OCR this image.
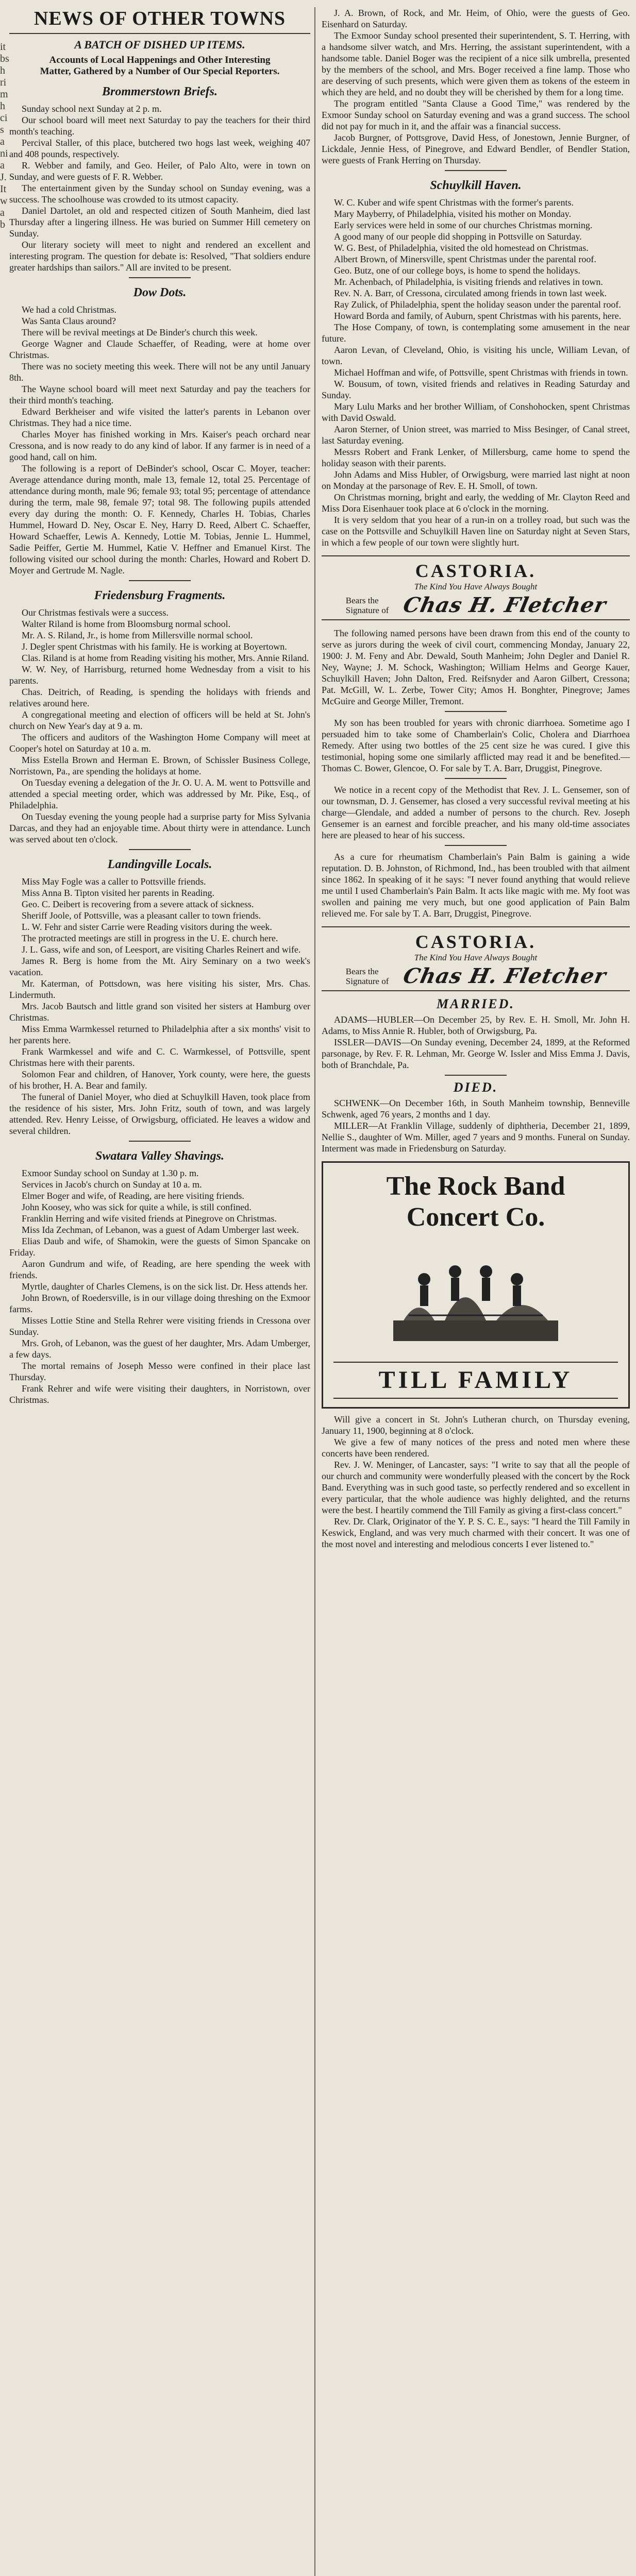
it
bs
h
ri
m
h
ci
s
a
ni
a
J.
It
w
a
b
NEWS OF OTHER TOWNS
A BATCH OF DISHED UP ITEMS.
Accounts of Local Happenings and Other Interesting Matter, Gathered by a Number of Our Special Reporters.
Brommerstown Briefs.

Sunday school next Sunday at 2 p. m.

Our school board will meet next Saturday to pay the teachers for their third month's teaching.

Percival Staller, of this place, butchered two hogs last week, weighing 407 and 408 pounds, respectively.

R. Webber and family, and Geo. Heiler, of Palo Alto, were in town on Sunday, and were guests of F. R. Webber.

The entertainment given by the Sunday school on Sunday evening, was a success. The schoolhouse was crowded to its utmost capacity.

Daniel Dartolet, an old and respected citizen of South Manheim, died last Thursday after a lingering illness. He was buried on Summer Hill cemetery on Sunday.

Our literary society will meet to night and rendered an excellent and interesting program. The question for debate is: Resolved, "That soldiers endure greater hardships than sailors." All are invited to be present.

Dow Dots.

We had a cold Christmas.

Was Santa Claus around?

There will be revival meetings at De Binder's church this week.

George Wagner and Claude Schaeffer, of Reading, were at home over Christmas.

There was no society meeting this week. There will not be any until January 8th.

The Wayne school board will meet next Saturday and pay the teachers for their third month's teaching.

Edward Berkheiser and wife visited the latter's parents in Lebanon over Christmas. They had a nice time.

Charles Moyer has finished working in Mrs. Kaiser's peach orchard near Cressona, and is now ready to do any kind of labor. If any farmer is in need of a good hand, call on him.

The following is a report of DeBinder's school, Oscar C. Moyer, teacher: Average attendance during month, male 13, female 12, total 25. Percentage of attendance during month, male 96; female 93; total 95; percentage of attendance during the term, male 98, female 97; total 98. The following pupils attended every day during the month: O. F. Kennedy, Charles H. Tobias, Charles Hummel, Howard D. Ney, Oscar E. Ney, Harry D. Reed, Albert C. Schaeffer, Howard Schaeffer, Lewis A. Kennedy, Lottie M. Tobias, Jennie L. Hummel, Sadie Peiffer, Gertie M. Hummel, Katie V. Heffner and Emanuel Kirst. The following visited our school during the month: Charles, Howard and Robert D. Moyer and Gertrude M. Nagle.

Friedensburg Fragments.

Our Christmas festivals were a success.

Walter Riland is home from Bloomsburg normal school.

Mr. A. S. Riland, Jr., is home from Millersville normal school.

J. Degler spent Christmas with his family. He is working at Boyertown.

Clas. Riland is at home from Reading visiting his mother, Mrs. Annie Riland.

W. W. Ney, of Harrisburg, returned home Wednesday from a visit to his parents.

Chas. Deitrich, of Reading, is spending the holidays with friends and relatives around here.

A congregational meeting and election of officers will be held at St. John's church on New Year's day at 9 a. m.

The officers and auditors of the Washington Home Company will meet at Cooper's hotel on Saturday at 10 a. m.

Miss Estella Brown and Herman E. Brown, of Schissler Business College, Norristown, Pa., are spending the holidays at home.

On Tuesday evening a delegation of the Jr. O. U. A. M. went to Pottsville and attended a special meeting order, which was addressed by Mr. Pike, Esq., of Philadelphia.

On Tuesday evening the young people had a surprise party for Miss Sylvania Darcas, and they had an enjoyable time. About thirty were in attendance. Lunch was served about ten o'clock.

Landingville Locals.

Miss May Fogle was a caller to Pottsville friends.

Miss Anna B. Tipton visited her parents in Reading.

Geo. C. Deibert is recovering from a severe attack of sickness.

Sheriff Joole, of Pottsville, was a pleasant caller to town friends.

L. W. Fehr and sister Carrie were Reading visitors during the week.

The protracted meetings are still in progress in the U. E. church here.

J. L. Gass, wife and son, of Leesport, are visiting Charles Reinert and wife.

James R. Berg is home from the Mt. Airy Seminary on a two week's vacation.

Mr. Katerman, of Pottsdown, was here visiting his sister, Mrs. Chas. Lindermuth.

Mrs. Jacob Bautsch and little grand son visited her sisters at Hamburg over Christmas.

Miss Emma Warmkessel returned to Philadelphia after a six months' visit to her parents here.

Frank Warmkessel and wife and C. C. Warmkessel, of Pottsville, spent Christmas here with their parents.

Solomon Fear and children, of Hanover, York county, were here, the guests of his brother, H. A. Bear and family.

The funeral of Daniel Moyer, who died at Schuylkill Haven, took place from the residence of his sister, Mrs. John Fritz, south of town, and was largely attended. Rev. Henry Leisse, of Orwigsburg, officiated. He leaves a widow and several children.

Swatara Valley Shavings.

Exmoor Sunday school on Sunday at 1.30 p. m.

Services in Jacob's church on Sunday at 10 a. m.

Elmer Boger and wife, of Reading, are here visiting friends.

John Koosey, who was sick for quite a while, is still confined.

Franklin Herring and wife visited friends at Pinegrove on Christmas.

Miss Ida Zechman, of Lebanon, was a guest of Adam Umberger last week.

Elias Daub and wife, of Shamokin, were the guests of Simon Spancake on Friday.

Aaron Gundrum and wife, of Reading, are here spending the week with friends.

Myrtle, daughter of Charles Clemens, is on the sick list. Dr. Hess attends her.

John Brown, of Roedersville, is in our village doing threshing on the Exmoor farms.

Misses Lottie Stine and Stella Rehrer were visiting friends in Cressona over Sunday.

Mrs. Groh, of Lebanon, was the guest of her daughter, Mrs. Adam Umberger, a few days.

The mortal remains of Joseph Messo were confined in their place last Thursday.

Frank Rehrer and wife were visiting their daughters, in Norristown, over Christmas.

J. A. Brown, of Rock, and Mr. Heim, of Ohio, were the guests of Geo. Eisenhard on Saturday.

The Exmoor Sunday school presented their superintendent, S. T. Herring, with a handsome silver watch, and Mrs. Herring, the assistant superintendent, with a handsome table. Daniel Boger was the recipient of a nice silk umbrella, presented by the members of the school, and Mrs. Boger received a fine lamp. Those who are deserving of such presents, which were given them as tokens of the esteem in which they are held, and no doubt they will be cherished by them for a long time.

The program entitled "Santa Clause a Good Time," was rendered by the Exmoor Sunday school on Saturday evening and was a grand success. The school did not pay for much in it, and the affair was a financial success.

Jacob Burgner, of Pottsgrove, David Hess, of Jonestown, Jennie Burgner, of Lickdale, Jennie Hess, of Pinegrove, and Edward Bendler, of Bendler Station, were guests of Frank Herring on Thursday.

Schuylkill Haven.

W. C. Kuber and wife spent Christmas with the former's parents.

Mary Mayberry, of Philadelphia, visited his mother on Monday.

Early services were held in some of our churches Christmas morning.

A good many of our people did shopping in Pottsville on Saturday.

W. G. Best, of Philadelphia, visited the old homestead on Christmas.

Albert Brown, of Minersville, spent Christmas under the parental roof.

Geo. Butz, one of our college boys, is home to spend the holidays.

Mr. Achenbach, of Philadelphia, is visiting friends and relatives in town.

Rev. N. A. Barr, of Cressona, circulated among friends in town last week.

Ray Zulick, of Philadelphia, spent the holiday season under the parental roof.

Howard Borda and family, of Auburn, spent Christmas with his parents, here.

The Hose Company, of town, is contemplating some amusement in the near future.

Aaron Levan, of Cleveland, Ohio, is visiting his uncle, William Levan, of town.

Michael Hoffman and wife, of Pottsville, spent Christmas with friends in town.

W. Bousum, of town, visited friends and relatives in Reading Saturday and Sunday.

Mary Lulu Marks and her brother William, of Conshohocken, spent Christmas with David Oswald.

Aaron Sterner, of Union street, was married to Miss Besinger, of Canal street, last Saturday evening.

Messrs Robert and Frank Lenker, of Millersburg, came home to spend the holiday season with their parents.

John Adams and Miss Hubler, of Orwigsburg, were married last night at noon on Monday at the parsonage of Rev. E. H. Smoll, of town.

On Christmas morning, bright and early, the wedding of Mr. Clayton Reed and Miss Dora Eisenhauer took place at 6 o'clock in the morning.

It is very seldom that you hear of a run-in on a trolley road, but such was the case on the Pottsville and Schuylkill Haven line on Saturday night at Seven Stars, in which a few people of our town were slightly hurt.

CASTORIA.
The Kind You Have Always Bought
Bears the Signature of Chas H. Fletcher

The following named persons have been drawn from this end of the county to serve as jurors during the week of civil court, commencing Monday, January 22, 1900: J. M. Feny and Abr. Dewald, South Manheim; John Degler and Daniel R. Ney, Wayne; J. M. Schock, Washington; William Helms and George Kauer, Schuylkill Haven; John Dalton, Fred. Reifsnyder and Aaron Gilbert, Cressona; Pat. McGill, W. L. Zerbe, Tower City; Amos H. Bonghter, Pinegrove; James McGuire and George Miller, Tremont.

My son has been troubled for years with chronic diarrhoea. Sometime ago I persuaded him to take some of Chamberlain's Colic, Cholera and Diarrhoea Remedy. After using two bottles of the 25 cent size he was cured. I give this testimonial, hoping some one similarly afflicted may read it and be benefited.—Thomas C. Bower, Glencoe, O. For sale by T. A. Barr, Druggist, Pinegrove.

We notice in a recent copy of the Methodist that Rev. J. L. Gensemer, son of our townsman, D. J. Gensemer, has closed a very successful revival meeting at his charge—Glendale, and added a number of persons to the church. Rev. Joseph Gensemer is an earnest and forcible preacher, and his many old-time associates here are pleased to hear of his success.

As a cure for rheumatism Chamberlain's Pain Balm is gaining a wide reputation. D. B. Johnston, of Richmond, Ind., has been troubled with that ailment since 1862. In speaking of it he says: "I never found anything that would relieve me until I used Chamberlain's Pain Balm. It acts like magic with me. My foot was swollen and paining me very much, but one good application of Pain Balm relieved me. For sale by T. A. Barr, Druggist, Pinegrove.

CASTORIA.
The Kind You Have Always Bought
Bears the Signature of Chas H. Fletcher
MARRIED.

ADAMS—HUBLER—On December 25, by Rev. E. H. Smoll, Mr. John H. Adams, to Miss Annie R. Hubler, both of Orwigsburg, Pa.

ISSLER—DAVIS—On Sunday evening, December 24, 1899, at the Reformed parsonage, by Rev. F. R. Lehman, Mr. George W. Issler and Miss Emma J. Davis, both of Branchdale, Pa.

DIED.

SCHWENK—On December 16th, in South Manheim township, Benneville Schwenk, aged 76 years, 2 months and 1 day.

MILLER—At Franklin Village, suddenly of diphtheria, December 21, 1899, Nellie S., daughter of Wm. Miller, aged 7 years and 9 months. Funeral on Sunday. Interment was made in Friedensburg on Saturday.

The Rock Band
Concert Co.
TILL FAMILY

Will give a concert in St. John's Lutheran church, on Thursday evening, January 11, 1900, beginning at 8 o'clock.

We give a few of many notices of the press and noted men where these concerts have been rendered.

Rev. J. W. Meninger, of Lancaster, says: "I write to say that all the people of our church and community were wonderfully pleased with the concert by the Rock Band. Everything was in such good taste, so perfectly rendered and so excellent in every particular, that the whole audience was highly delighted, and the returns were the best. I heartily commend the Till Family as giving a first-class concert."

Rev. Dr. Clark, Originator of the Y. P. S. C. E., says: "I heard the Till Family in Keswick, England, and was very much charmed with their concert. It was one of the most novel and interesting and melodious concerts I ever listened to."
